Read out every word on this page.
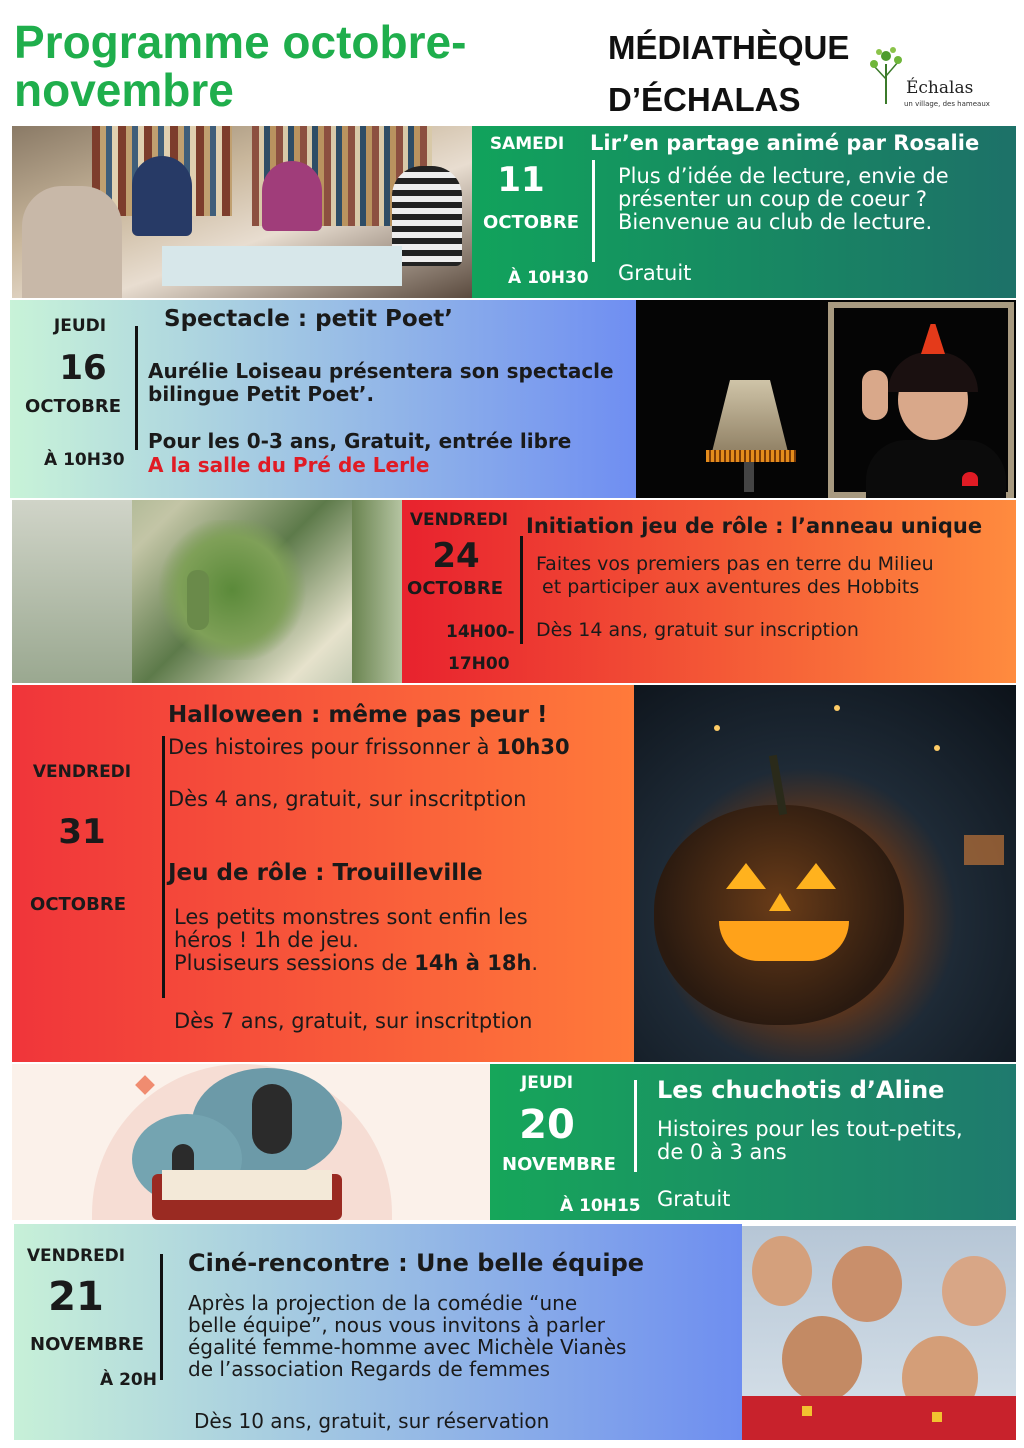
Programme octobre-
novembre
MÉDIATHÈQUE
D’ÉCHALAS	Échalas
un village, des hameaux
SAMEDI
11
OCTOBRE
À 10H30
Lir’en partage animé par Rosalie
Plus d’idée de lecture, envie de
présenter un coup de coeur ?
Bienvenue au club de lecture.
Gratuit
JEUDI
16
OCTOBRE
À 10H30
Spectacle : petit Poet’
Aurélie Loiseau présentera son spectacle
bilingue Petit Poet’.
Pour les 0-3 ans, Gratuit, entrée libre
A la salle du Pré de Lerle
VENDREDI
24
OCTOBRE
14H00-
17H00
Initiation jeu de rôle : l’anneau unique
Faites vos premiers pas en terre du Milieu
et participer aux aventures des Hobbits
Dès 14 ans, gratuit sur inscription
VENDREDI
31
OCTOBRE
Halloween : même pas peur !
Des histoires pour frissonner à 10h30
Dès 4 ans, gratuit, sur inscritption
Jeu de rôle : Trouilleville
Les petits monstres sont enfin les
héros ! 1h de jeu.
Plusiseurs sessions de 14h à 18h.
Dès 7 ans, gratuit, sur inscritption
JEUDI
20
NOVEMBRE
À 10H15
Les chuchotis d’Aline
Histoires pour les tout-petits,
de 0 à 3 ans
Gratuit
VENDREDI
21
NOVEMBRE
À 20H
Ciné-rencontre : Une belle équipe
Après la projection de la comédie “une
belle équipe”, nous vous invitons à parler
égalité femme-homme avec Michèle Vianès
de l’association Regards de femmes
Dès 10 ans, gratuit, sur réservation
